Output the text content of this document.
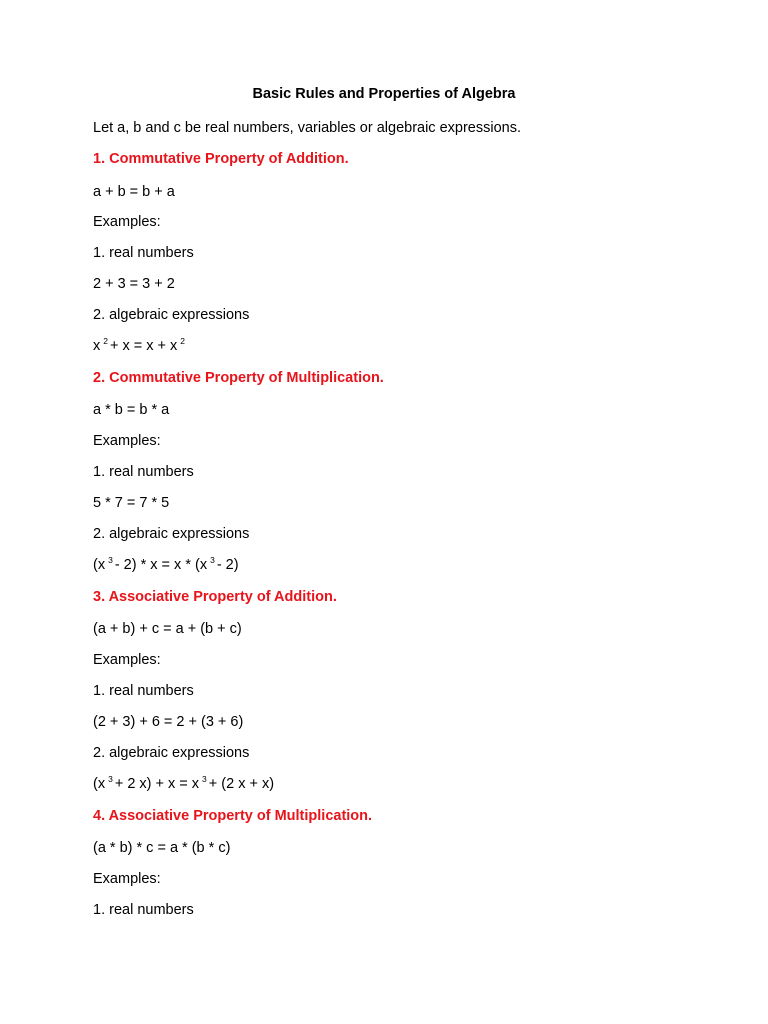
Basic Rules and Properties of Algebra
Let a, b and c be real numbers, variables or algebraic expressions.
1. Commutative Property of Addition.
a + b = b + a
Examples:
1. real numbers
2 + 3 = 3 + 2
2. algebraic expressions
x $^2$ + x = x + x $^2$
2. Commutative Property of Multiplication.
a * b = b * a
Examples:
1. real numbers
5 * 7 = 7 * 5
2. algebraic expressions
(x $^3$ - 2) * x = x * (x $^3$ - 2)
3. Associative Property of Addition.
(a + b) + c = a + (b + c)
Examples:
1. real numbers
(2 + 3) + 6 = 2 + (3 + 6)
2. algebraic expressions
(x $^3$ + 2 x) + x = x $^3$ + (2 x + x)
4. Associative Property of Multiplication.
(a * b) * c = a * (b * c)
Examples:
1. real numbers
